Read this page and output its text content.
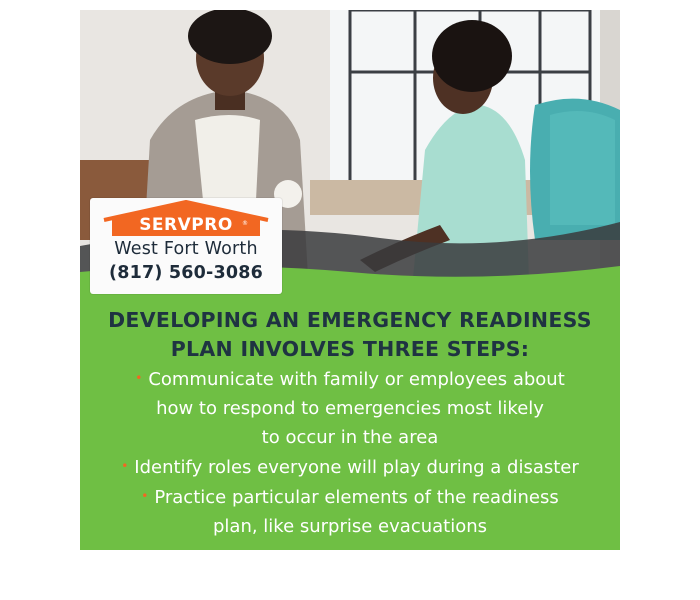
SERVPRO ®
West Fort Worth
(817) 560-3086
DEVELOPING AN EMERGENCY READINESS
PLAN INVOLVES THREE STEPS:
• Communicate with family or employees about
how to respond to emergencies most likely
to occur in the area
• Identify roles everyone will play during a disaster
• Practice particular elements of the readiness
plan, like surprise evacuations
